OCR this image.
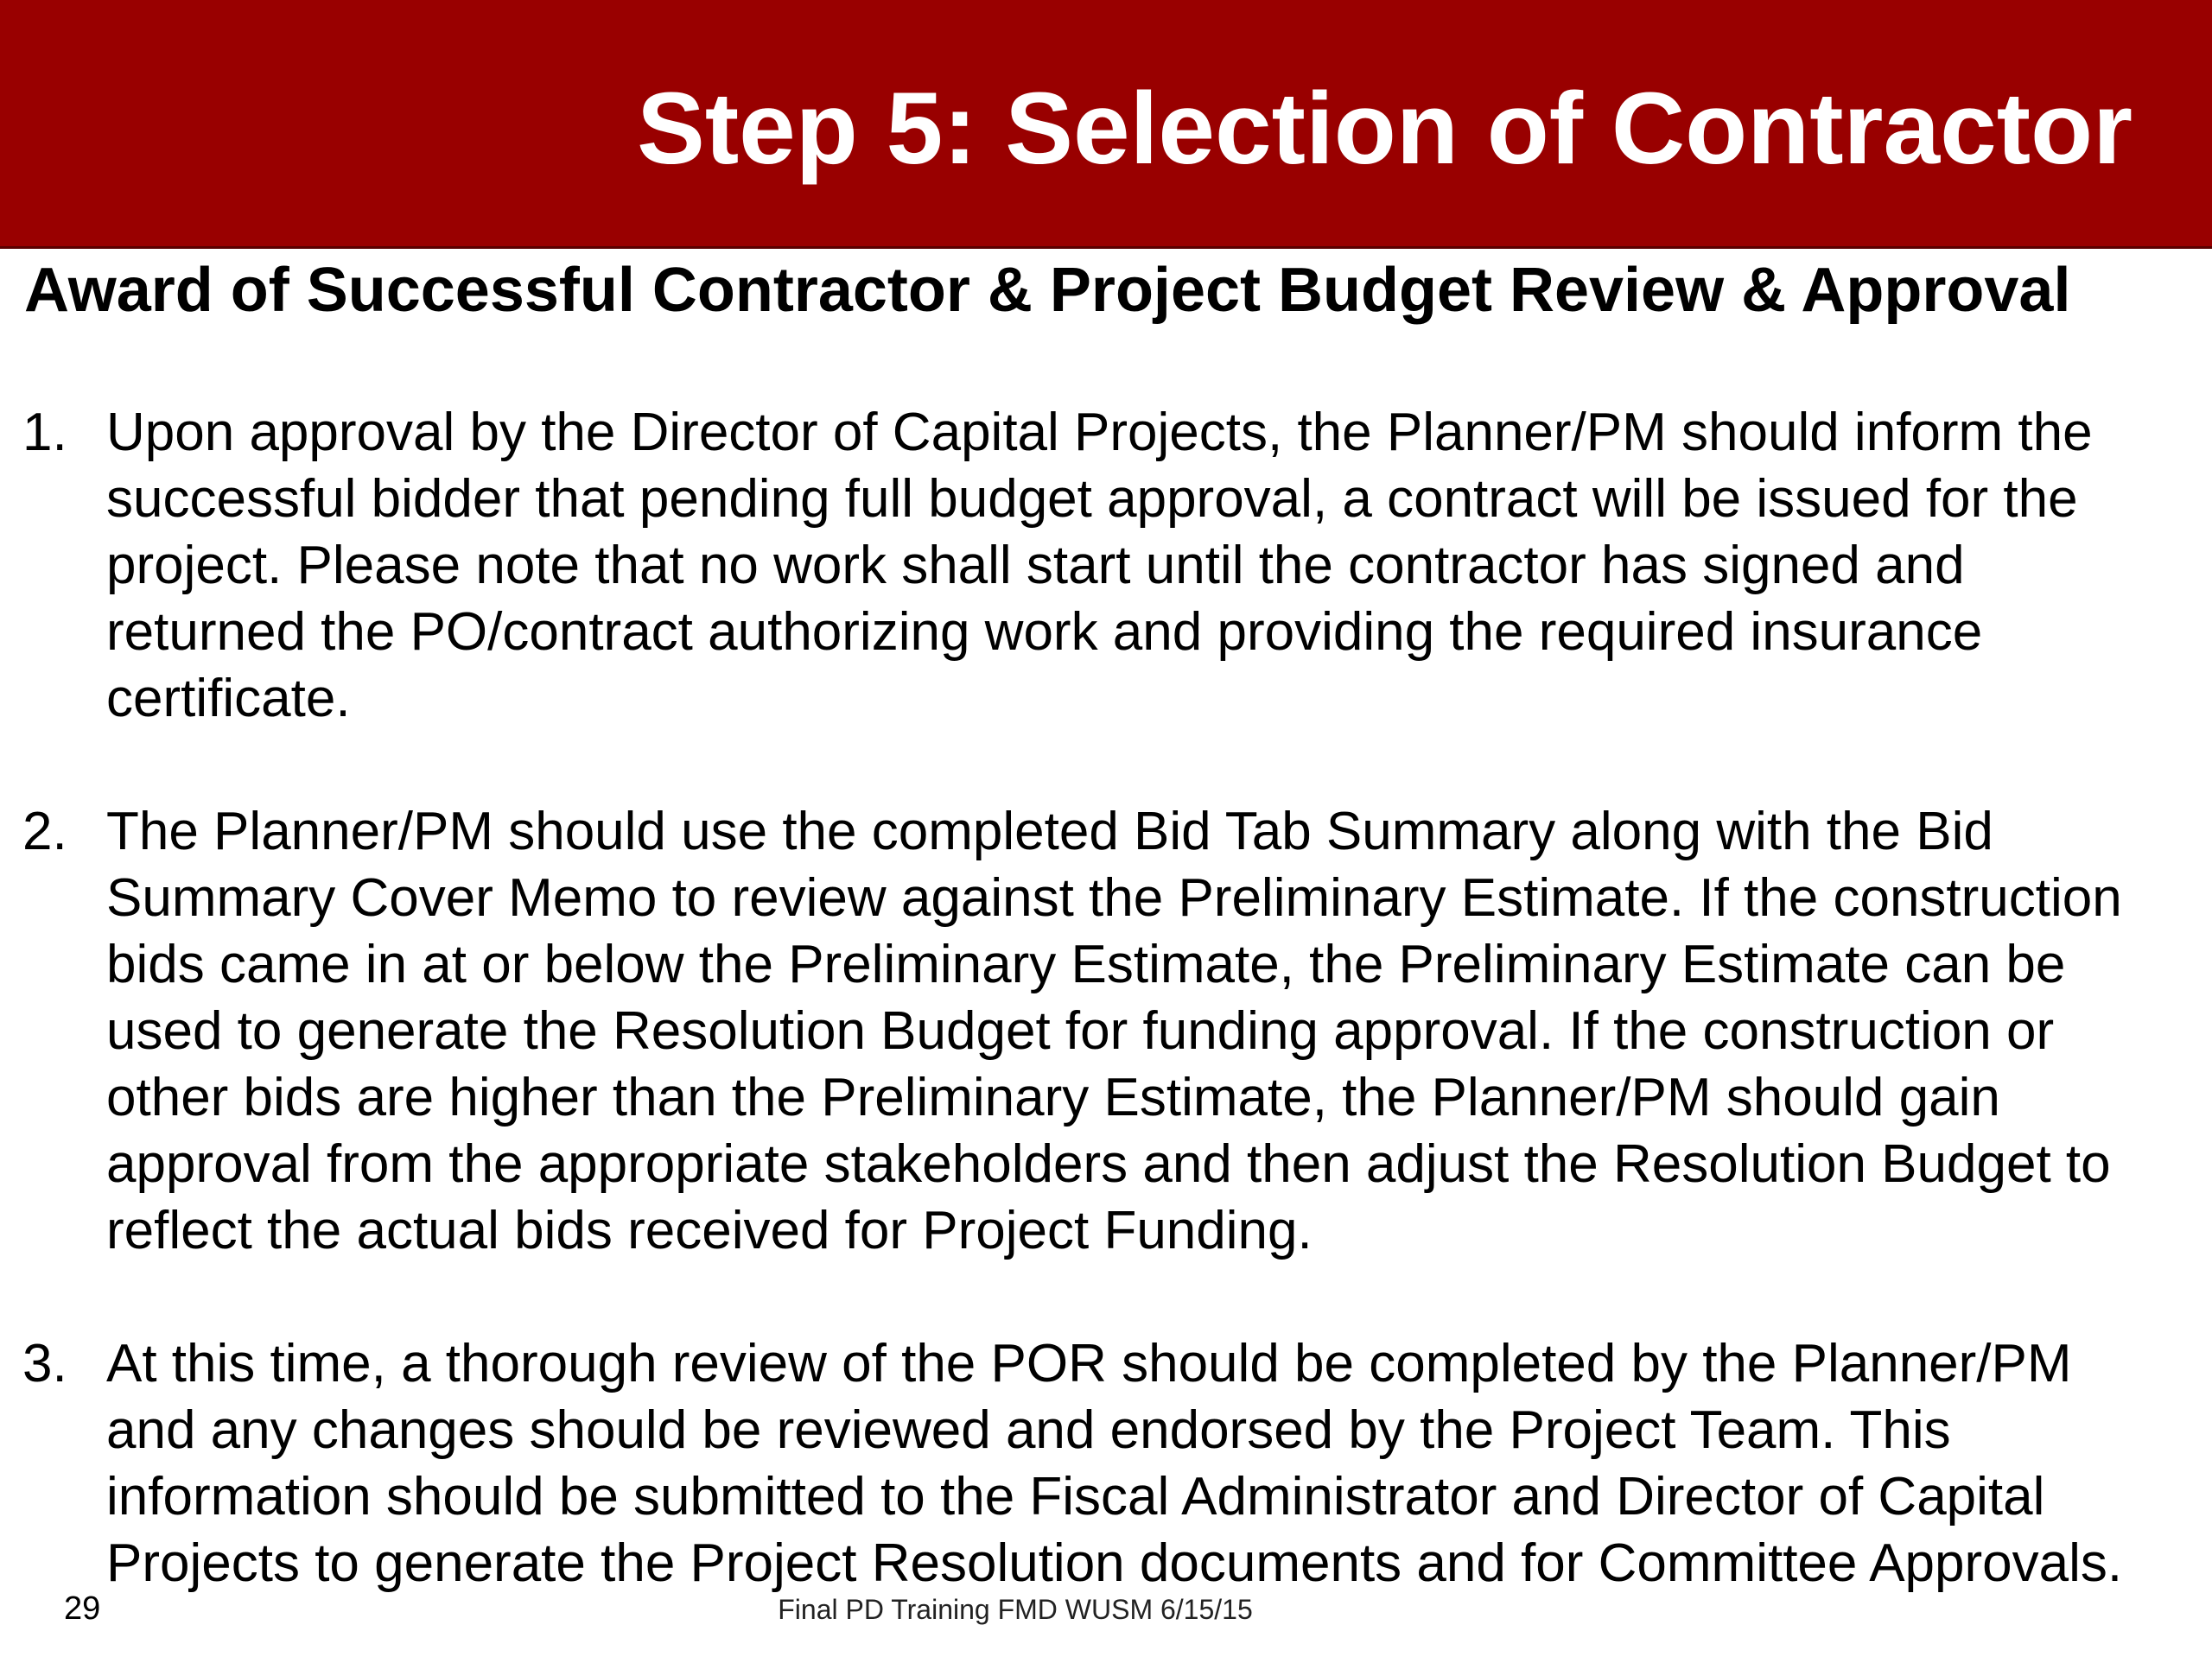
Step 5: Selection of Contractor
Award of Successful Contractor & Project Budget Review & Approval
1. Upon approval by the Director of Capital Projects, the Planner/PM should inform the
successful bidder that pending full budget approval, a contract will be issued for the
project. Please note that no work shall start until the contractor has signed and
returned the PO/contract authorizing work and providing the required insurance
certificate.
2. The Planner/PM should use the completed Bid Tab Summary along with the Bid
Summary Cover Memo to review against the Preliminary Estimate. If the construction
bids came in at or below the Preliminary Estimate, the Preliminary Estimate can be
used to generate the Resolution Budget for funding approval. If the construction or
other bids are higher than the Preliminary Estimate, the Planner/PM should gain
approval from the appropriate stakeholders and then adjust the Resolution Budget to
reflect the actual bids received for Project Funding.
3. At this time, a thorough review of the POR should be completed by the Planner/PM
and any changes should be reviewed and endorsed by the Project Team. This
information should be submitted to the Fiscal Administrator and Director of Capital
Projects to generate the Project Resolution documents and for Committee Approvals.
29	Final PD Training FMD WUSM 6/15/15
